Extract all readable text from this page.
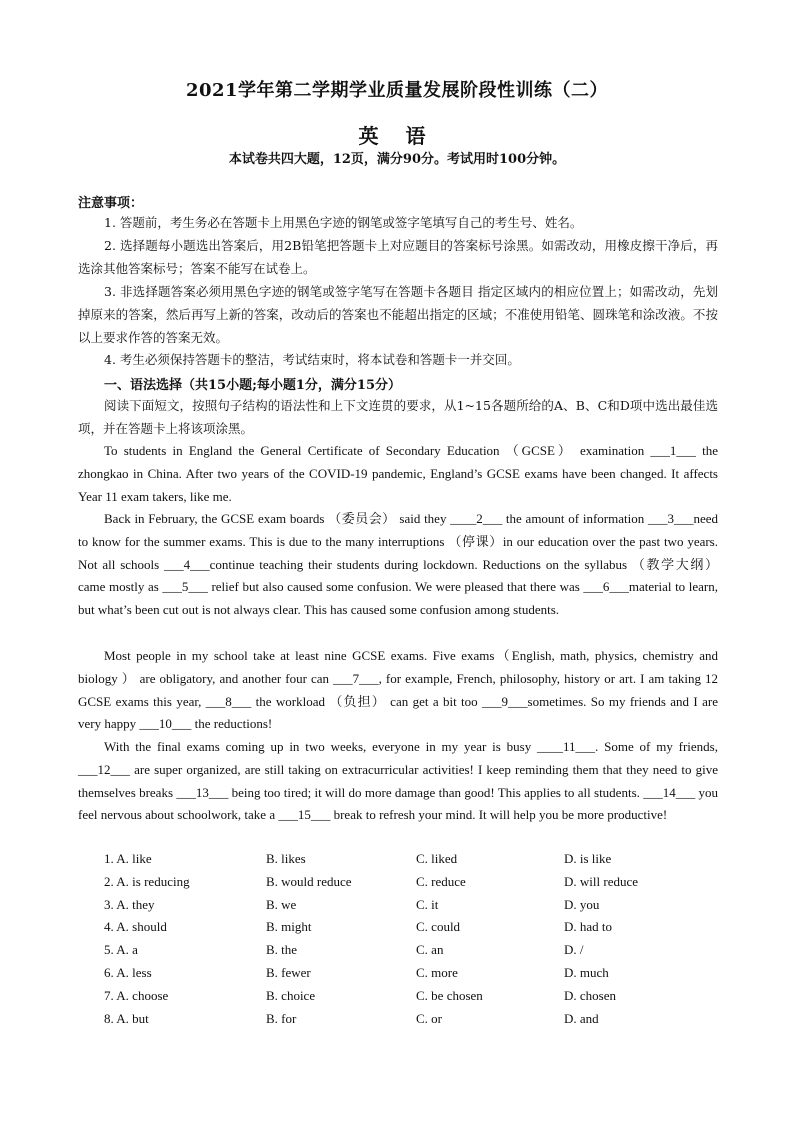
2021学年第二学期学业质量发展阶段性训练（二）
英 语
本试卷共四大题，12页，满分90分。考试用时100分钟。
注意事项：

1. 答题前，考生务必在答题卡上用黑色字迹的钢笔或签字笔填写自己的考生号、姓名。

2. 选择题每小题选出答案后，用2B铅笔把答题卡上对应题目的答案标号涂黑。如需改动，用橡皮擦干净后，再选涂其他答案标号；答案不能写在试卷上。

3. 非选择题答案必须用黑色字迹的钢笔或签字笔写在答题卡各题目 指定区域内的相应位置上；如需改动，先划掉原来的答案，然后再写上新的答案，改动后的答案也不能超出指定的区域；不准使用铅笔、圆珠笔和涂改液。不按以上要求作答的答案无效。

4. 考生必须保持答题卡的整洁，考试结束时，将本试卷和答题卡一并交回。

一、语法选择（共15小题;每小题1分，满分15分）

阅读下面短文，按照句子结构的语法性和上下文连贯的要求，从1~15各题所给的A、B、C和D项中选出最佳选项，并在答题卡上将该项涂黑。

To students in England the General Certificate of Secondary Education （GCSE） examination ___1___ the zhongkao in China. After two years of the COVID-19 pandemic, England’s GCSE exams have been changed. It affects Year 11 exam takers, like me.

Back in February, the GCSE exam boards （委员会） said they ____2___ the amount of information ___3___need to know for the summer exams. This is due to the many interruptions （停课）in our education over the past two years. Not all schools ___4___continue teaching their students during lockdown. Reductions on the syllabus （教学大纲） came mostly as ___5___ relief but also caused some confusion. We were pleased that there was ___6___material to learn, but what’s been cut out is not always clear. This has caused some confusion among students.

Most people in my school take at least nine GCSE exams. Five exams（English, math, physics, chemistry and biology ） are obligatory, and another four can ___7___, for example, French, philosophy, history or art. I am taking 12 GCSE exams this year, ___8___ the workload （负担） can get a bit too ___9___sometimes. So my friends and I are very happy ___10___ the reductions!

With the final exams coming up in two weeks, everyone in my year is busy ____11___. Some of my friends, ___12___ are super organized, are still taking on extracurricular activities! I keep reminding them that they need to give themselves breaks ___13___ being too tired; it will do more damage than good! This applies to all students. ___14___ you feel nervous about schoolwork, take a ___15___ break to refresh your mind. It will help you be more productive!

1. A. like	B. likes	C. liked	D. is like
2. A. is reducing	B. would reduce	C. reduce	D. will reduce
3. A. they	B. we	C. it	D. you
4. A. should	B. might	C. could	D. had to
5. A. a	B. the	C. an	D. /
6. A. less	B. fewer	C. more	D. much
7. A. choose	B. choice	C. be chosen	D. chosen
8. A. but	B. for	C. or	D. and
